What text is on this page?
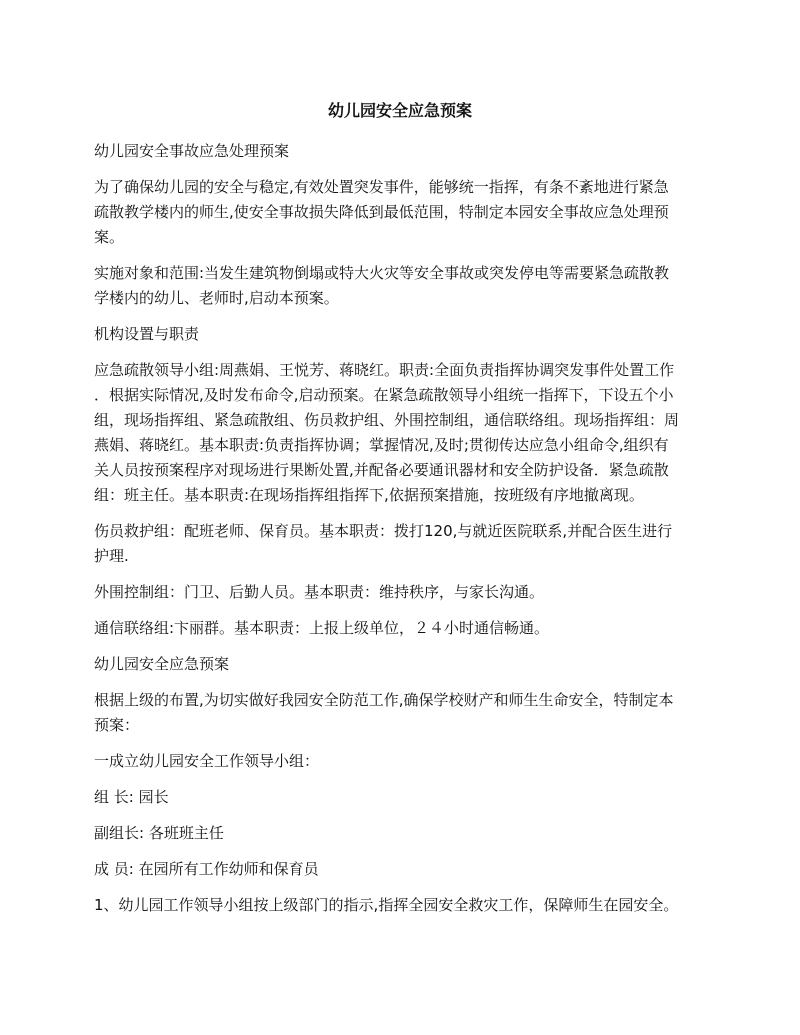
幼儿园安全应急预案

幼儿园安全事故应急处理预案

为了确保幼儿园的安全与稳定,有效处置突发事件，能够统一指挥，有条不紊地进行紧急
疏散教学楼内的师生,使安全事故损失降低到最低范围，特制定本园安全事故应急处理预
案。

实施对象和范围:当发生建筑物倒塌或特大火灾等安全事故或突发停电等需要紧急疏散教
学楼内的幼儿、老师时,启动本预案。

机构设置与职责

应急疏散领导小组:周燕娟、王悦芳、蒋晓红。职责:全面负责指挥协调突发事件处置工作
．根据实际情况,及时发布命令,启动预案。在紧急疏散领导小组统一指挥下，下设五个小
组，现场指挥组、紧急疏散组、伤员救护组、外围控制组，通信联络组。现场指挥组：周
燕娟、蒋晓红。基本职责:负责指挥协调；掌握情况,及时;贯彻传达应急小组命令,组织有
关人员按预案程序对现场进行果断处置,并配备必要通讯器材和安全防护设备．紧急疏散
组：班主任。基本职责:在现场指挥组指挥下,依据预案措施，按班级有序地撤离现。

伤员救护组：配班老师、保育员。基本职责：拨打120,与就近医院联系,并配合医生进行
护理.

外围控制组：门卫、后勤人员。基本职责：维持秩序，与家长沟通。

通信联络组:卞丽群。基本职责：上报上级单位，２４小时通信畅通。

幼儿园安全应急预案

根据上级的布置,为切实做好我园安全防范工作,确保学校财产和师生生命安全，特制定本
预案：

一成立幼儿园安全工作领导小组：

组 长: 园长

副组长: 各班班主任

成 员: 在园所有工作幼师和保育员

1、幼儿园工作领导小组按上级部门的指示,指挥全园安全救灾工作，保障师生在园安全。
